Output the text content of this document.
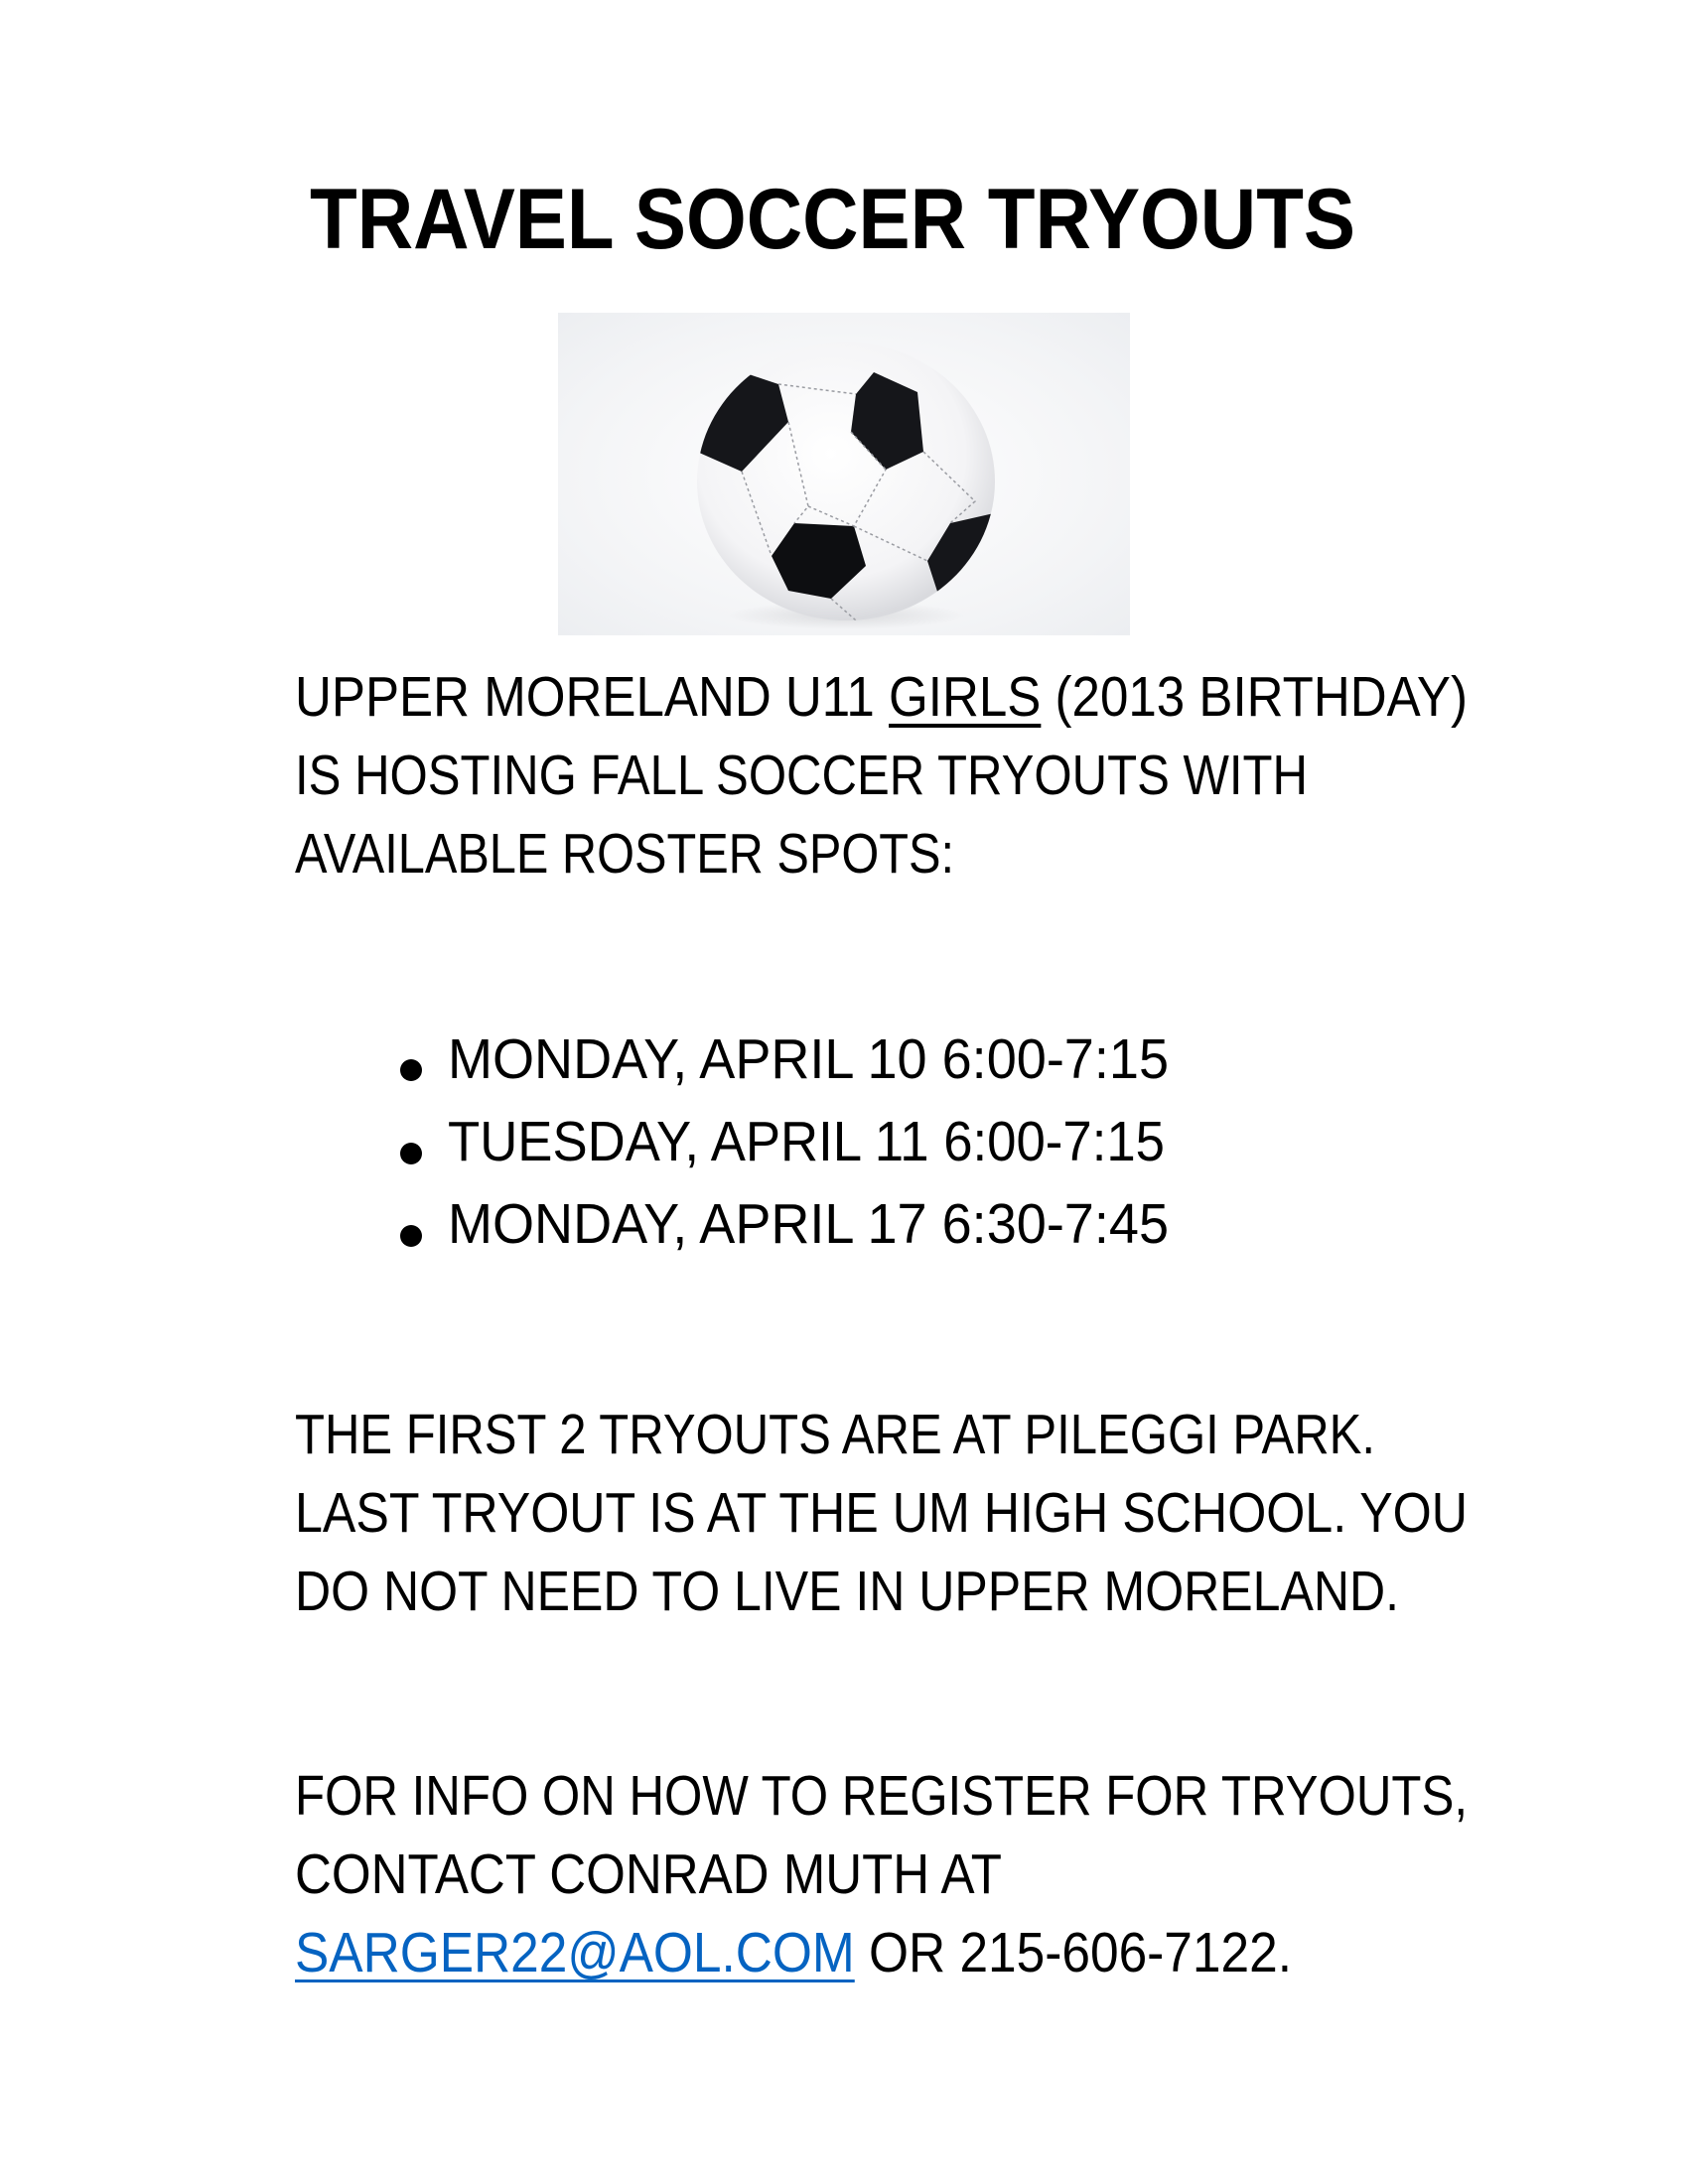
TRAVEL SOCCER TRYOUTS
UPPER MORELAND U11 GIRLS (2013 BIRTHDAY)
IS HOSTING FALL SOCCER TRYOUTS WITH
AVAILABLE ROSTER SPOTS:
MONDAY, APRIL 10 6:00-7:15
TUESDAY, APRIL 11 6:00-7:15
MONDAY, APRIL 17 6:30-7:45
THE FIRST 2 TRYOUTS ARE AT PILEGGI PARK.
LAST TRYOUT IS AT THE UM HIGH SCHOOL. YOU
DO NOT NEED TO LIVE IN UPPER MORELAND.
FOR INFO ON HOW TO REGISTER FOR TRYOUTS,
CONTACT CONRAD MUTH AT
SARGER22@AOL.COM OR 215-606-7122.
